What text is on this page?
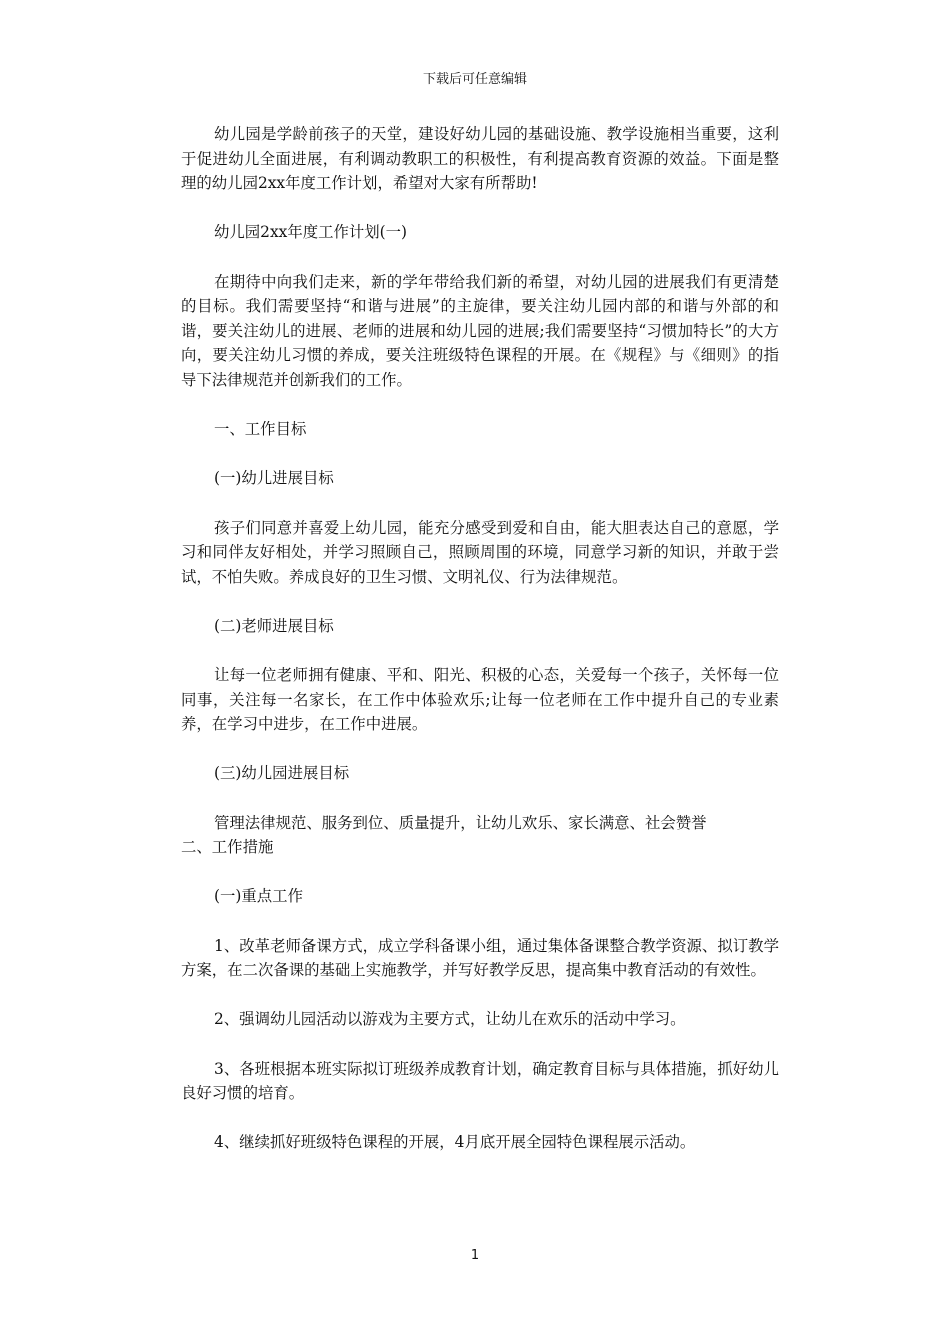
下载后可任意编辑

幼儿园是学龄前孩子的天堂，建设好幼儿园的基础设施、教学设施相当重要，这利于促进幼儿全面进展，有利调动教职工的积极性，有利提高教育资源的效益。下面是整理的幼儿园2xx年度工作计划，希望对大家有所帮助!

幼儿园2xx年度工作计划(一)

在期待中向我们走来，新的学年带给我们新的希望，对幼儿园的进展我们有更清楚的目标。我们需要坚持“和谐与进展”的主旋律，要关注幼儿园内部的和谐与外部的和谐，要关注幼儿的进展、老师的进展和幼儿园的进展;我们需要坚持“习惯加特长”的大方向，要关注幼儿习惯的养成，要关注班级特色课程的开展。在《规程》与《细则》的指导下法律规范并创新我们的工作。

一、工作目标

(一)幼儿进展目标

孩子们同意并喜爱上幼儿园，能充分感受到爱和自由，能大胆表达自己的意愿，学习和同伴友好相处，并学习照顾自己，照顾周围的环境，同意学习新的知识，并敢于尝试，不怕失败。养成良好的卫生习惯、文明礼仪、行为法律规范。

(二)老师进展目标

让每一位老师拥有健康、平和、阳光、积极的心态，关爱每一个孩子，关怀每一位同事，关注每一名家长，在工作中体验欢乐;让每一位老师在工作中提升自己的专业素养，在学习中进步，在工作中进展。

(三)幼儿园进展目标

管理法律规范、服务到位、质量提升，让幼儿欢乐、家长满意、社会赞誉

二、工作措施

(一)重点工作

1、改革老师备课方式，成立学科备课小组，通过集体备课整合教学资源、拟订教学方案，在二次备课的基础上实施教学，并写好教学反思，提高集中教育活动的有效性。

2、强调幼儿园活动以游戏为主要方式，让幼儿在欢乐的活动中学习。

3、各班根据本班实际拟订班级养成教育计划，确定教育目标与具体措施，抓好幼儿良好习惯的培育。

4、继续抓好班级特色课程的开展，4月底开展全园特色课程展示活动。

1
